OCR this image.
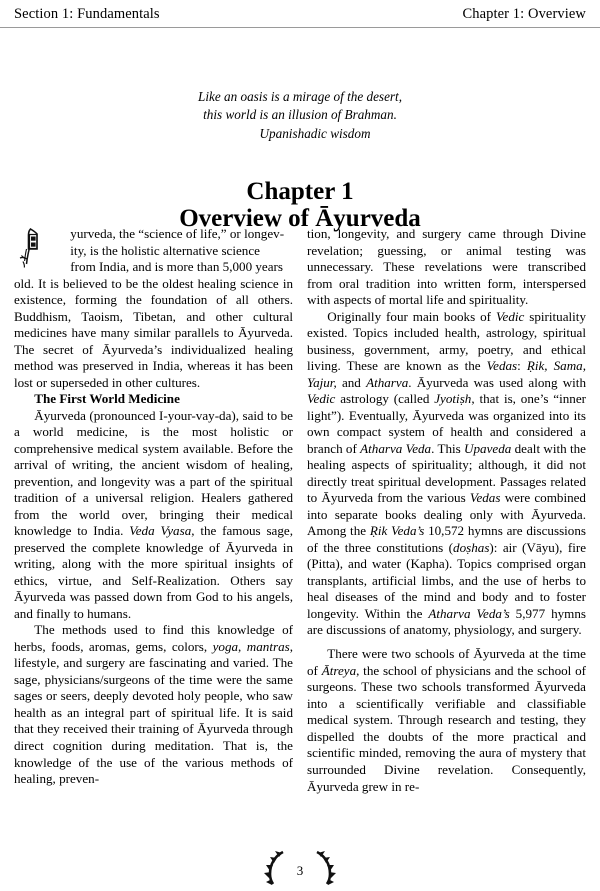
Section 1: Fundamentals	Chapter 1: Overview
Like an oasis is a mirage of the desert,
this world is an illusion of Brahman.
Upanishadic wisdom
Chapter 1
Overview of Āyurveda

yurveda, the “science of life,” or longev-
ity, is the holistic alternative science
from India, and is more than 5,000 years
old. It is believed to be the oldest healing science in existence, forming the foundation of all others. Buddhism, Taoism, Tibetan, and other cultural medicines have many similar parallels to Āyurveda. The secret of Āyurveda’s individualized healing method was preserved in India, whereas it has been lost or superseded in other cultures.

The First World Medicine

Āyurveda (pronounced I-your-vay-da), said to be a world medicine, is the most holistic or comprehensive medical system available. Before the arrival of writing, the ancient wisdom of healing, prevention, and longevity was a part of the spiritual tradition of a universal religion. Healers gathered from the world over, bringing their medical knowledge to India. Veda Vyasa, the famous sage, preserved the complete knowledge of Āyurveda in writing, along with the more spiritual insights of ethics, virtue, and Self-Realization. Others say Āyurveda was passed down from God to his angels, and finally to humans.

The methods used to find this knowledge of herbs, foods, aromas, gems, colors, yoga, mantras, lifestyle, and surgery are fascinating and varied. The sage, physicians/surgeons of the time were the same sages or seers, deeply devoted holy people, who saw health as an integral part of spiritual life. It is said that they received their training of Āyurveda through direct cognition during meditation. That is, the knowledge of the use of the various methods of healing, preven-

tion, longevity, and surgery came through Divine revelation; guessing, or animal testing was unnecessary. These revelations were transcribed from oral tradition into written form, interspersed with aspects of mortal life and spirituality.

Originally four main books of Vedic spirituality existed. Topics included health, astrology, spiritual business, government, army, poetry, and ethical living. These are known as the Vedas: Ṛik, Sama, Yajur, and Atharva. Āyurveda was used along with Vedic astrology (called Jyotiṣh, that is, one’s “inner light”). Eventually, Āyurveda was organized into its own compact system of health and considered a branch of Atharva Veda. This Upaveda dealt with the healing aspects of spirituality; although, it did not directly treat spiritual development. Passages related to Āyurveda from the various Vedas were combined into separate books dealing only with Āyurveda. Among the Ṛik Veda’s 10,572 hymns are discussions of the three constitutions (doṣhas): air (Vāyu), fire (Pitta), and water (Kapha). Topics comprised organ transplants, artificial limbs, and the use of herbs to heal diseases of the mind and body and to foster longevity. Within the Atharva Veda’s 5,977 hymns are discussions of anatomy, physiology, and surgery.

There were two schools of Āyurveda at the time of Ātreya, the school of physicians and the school of surgeons. These two schools transformed Āyurveda into a scientifically verifiable and classifiable medical system. Through research and testing, they dispelled the doubts of the more practical and scientific minded, removing the aura of mystery that surrounded Divine revelation. Consequently, Āyurveda grew in re-

3
